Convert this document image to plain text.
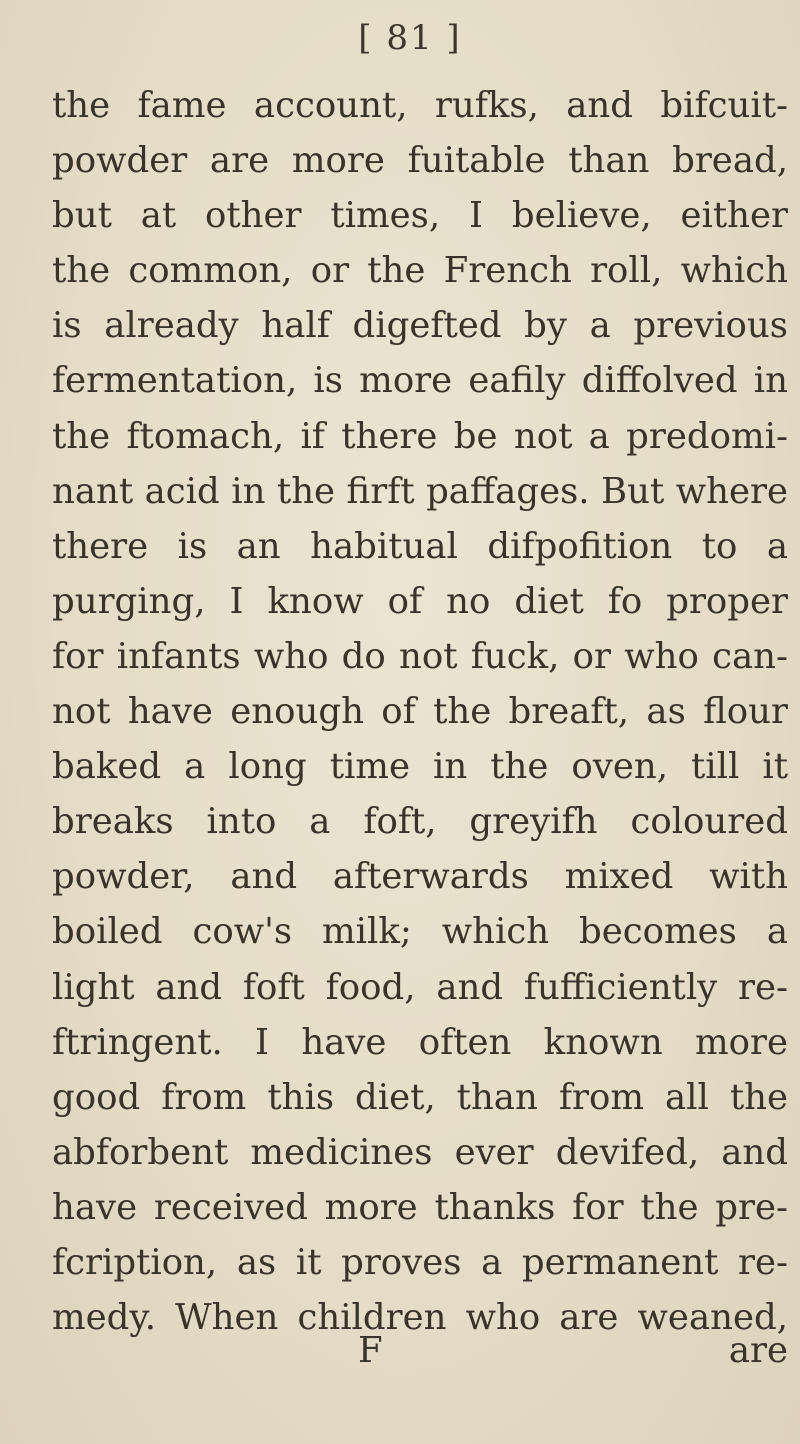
[ 81 ]
the fame account, rufks, and bifcuit-
powder are more fuitable than bread,
but at other times, I believe, either
the common, or the French roll, which
is already half digefted by a previous
fermentation, is more eafily diffolved in
the ftomach, if there be not a predomi-
nant acid in the firft paffages. But where
there is an habitual difpofition to a
purging, I know of no diet fo proper
for infants who do not fuck, or who can-
not have enough of the breaft, as flour
baked a long time in the oven, till it
breaks into a foft, greyifh coloured
powder, and afterwards mixed with
boiled cow's milk; which becomes a
light and foft food, and fufficiently re-
ftringent. I have often known more
good from this diet, than from all the
abforbent medicines ever devifed, and
have received more thanks for the pre-
fcription, as it proves a permanent re-
medy. When children who are weaned,
F	are
